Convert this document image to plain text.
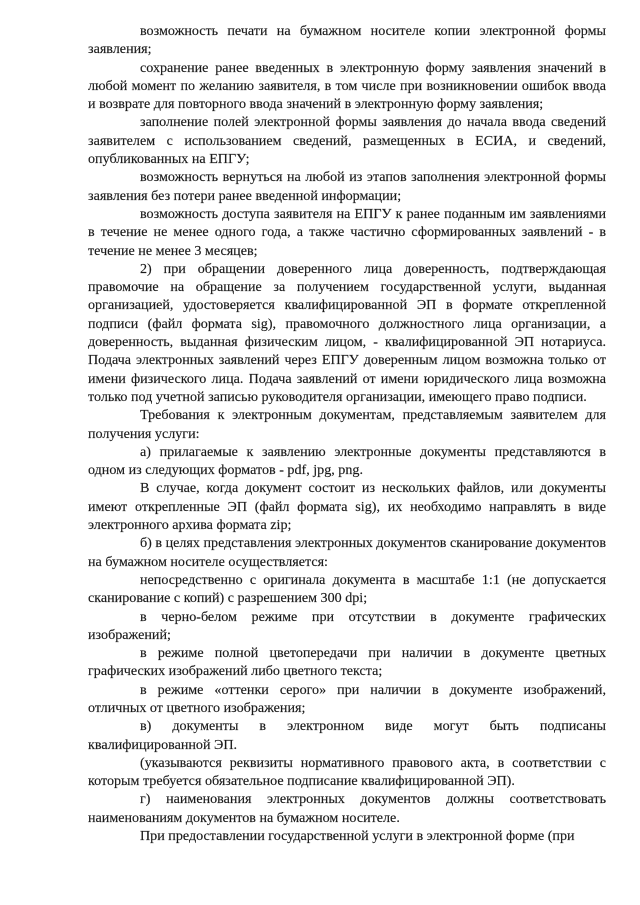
возможность печати на бумажном носителе копии электронной формы заявления;

сохранение ранее введенных в электронную форму заявления значений в любой момент по желанию заявителя, в том числе при возникновении ошибок ввода и возврате для повторного ввода значений в электронную форму заявления;

заполнение полей электронной формы заявления до начала ввода сведений заявителем с использованием сведений, размещенных в ЕСИА, и сведений, опубликованных на ЕПГУ;

возможность вернуться на любой из этапов заполнения электронной формы заявления без потери ранее введенной информации;

возможность доступа заявителя на ЕПГУ к ранее поданным им заявлениями в течение не менее одного года, а также частично сформированных заявлений - в течение не менее 3 месяцев;

2) при обращении доверенного лица доверенность, подтверждающая правомочие на обращение за получением государственной услуги, выданная организацией, удостоверяется квалифицированной ЭП в формате открепленной подписи (файл формата sig), правомочного должностного лица организации, а доверенность, выданная физическим лицом, - квалифицированной ЭП нотариуса. Подача электронных заявлений через ЕПГУ доверенным лицом возможна только от имени физического лица. Подача заявлений от имени юридического лица возможна только под учетной записью руководителя организации, имеющего право подписи.

Требования к электронным документам, представляемым заявителем для получения услуги:

а) прилагаемые к заявлению электронные документы представляются в одном из следующих форматов - pdf, jpg, png.

В случае, когда документ состоит из нескольких файлов, или документы имеют открепленные ЭП (файл формата sig), их необходимо направлять в виде электронного архива формата zip;

б) в целях представления электронных документов сканирование документов на бумажном носителе осуществляется:

непосредственно с оригинала документа в масштабе 1:1 (не допускается сканирование с копий) с разрешением 300 dpi;

в черно-белом режиме при отсутствии в документе графических изображений;

в режиме полной цветопередачи при наличии в документе цветных графических изображений либо цветного текста;

в режиме «оттенки серого» при наличии в документе изображений, отличных от цветного изображения;

в) документы в электронном виде могут быть подписаны квалифицированной ЭП.

(указываются реквизиты нормативного правового акта, в соответствии с которым требуется обязательное подписание квалифицированной ЭП).

г) наименования электронных документов должны соответствовать наименованиям документов на бумажном носителе.

При предоставлении государственной услуги в электронной форме (при
